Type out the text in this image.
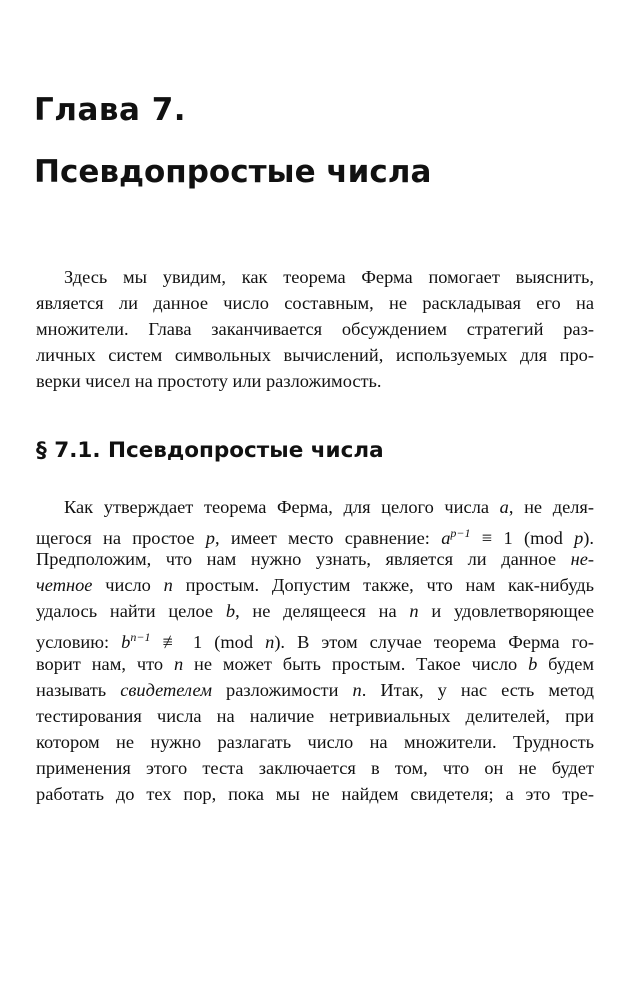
Глава 7.
Псевдопростые числа
Здесь мы увидим, как теорема Ферма помогает выяснить,
является ли данное число составным, не раскладывая его на
множители. Глава заканчивается обсуждением стратегий раз-
личных систем символьных вычислений, используемых для про-
верки чисел на простоту или разложимость.
§ 7.1. Псевдопростые числа
Как утверждает теорема Ферма, для целого числа a, не деля-
щегося на простое p, имеет место сравнение: $a^{p-1} \equiv 1$ (mod p).
Предположим, что нам нужно узнать, является ли данное не-
четное число n простым. Допустим также, что нам как-нибудь
удалось найти целое b, не делящееся на n и удовлетворяющее
условию: $b^{n-1}$ ≢ 1 (mod n). В этом случае теорема Ферма го-
ворит нам, что n не может быть простым. Такое число b будем
называть свидетелем разложимости n. Итак, у нас есть метод
тестирования числа на наличие нетривиальных делителей, при
котором не нужно разлагать число на множители. Трудность
применения этого теста заключается в том, что он не будет
работать до тех пор, пока мы не найдем свидетеля; а это тре-
